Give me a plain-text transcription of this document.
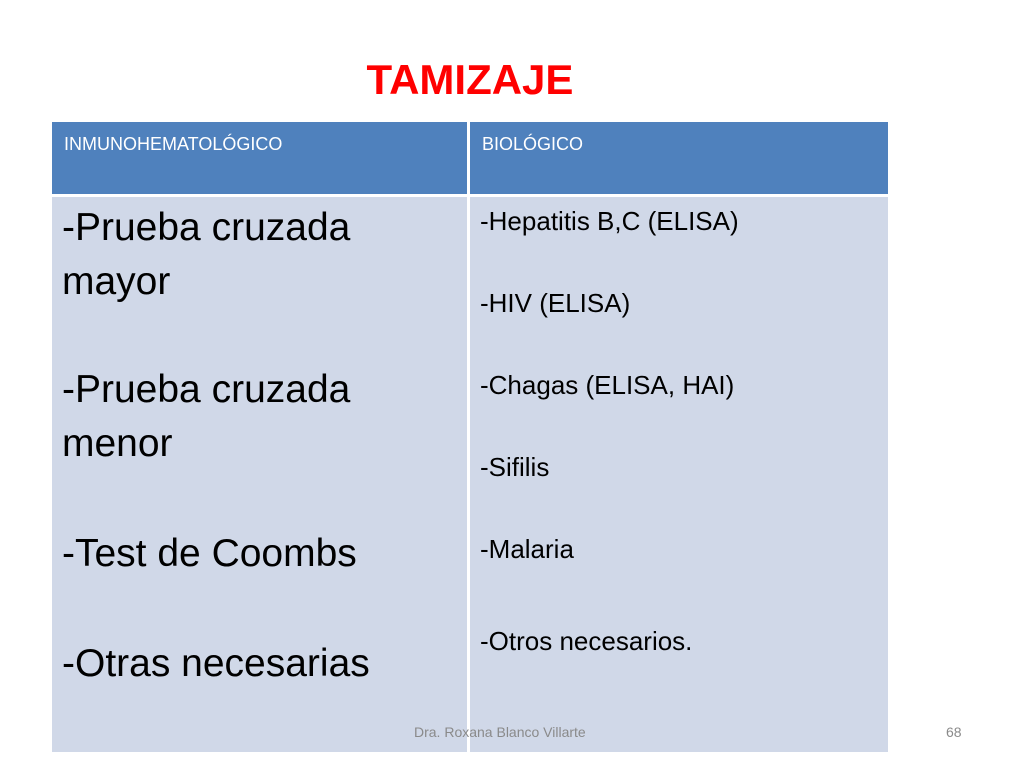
TAMIZAJE
INMUNOHEMATOLÓGICO	BIOLÓGICO
-Prueba cruzada mayor
-Prueba cruzada menor
-Test de Coombs
-Otras necesarias
-Hepatitis B,C (ELISA)
-HIV (ELISA)
-Chagas (ELISA, HAI)
-Sifilis
-Malaria
-Otros necesarios.
Dra. Roxana Blanco Villarte	68
